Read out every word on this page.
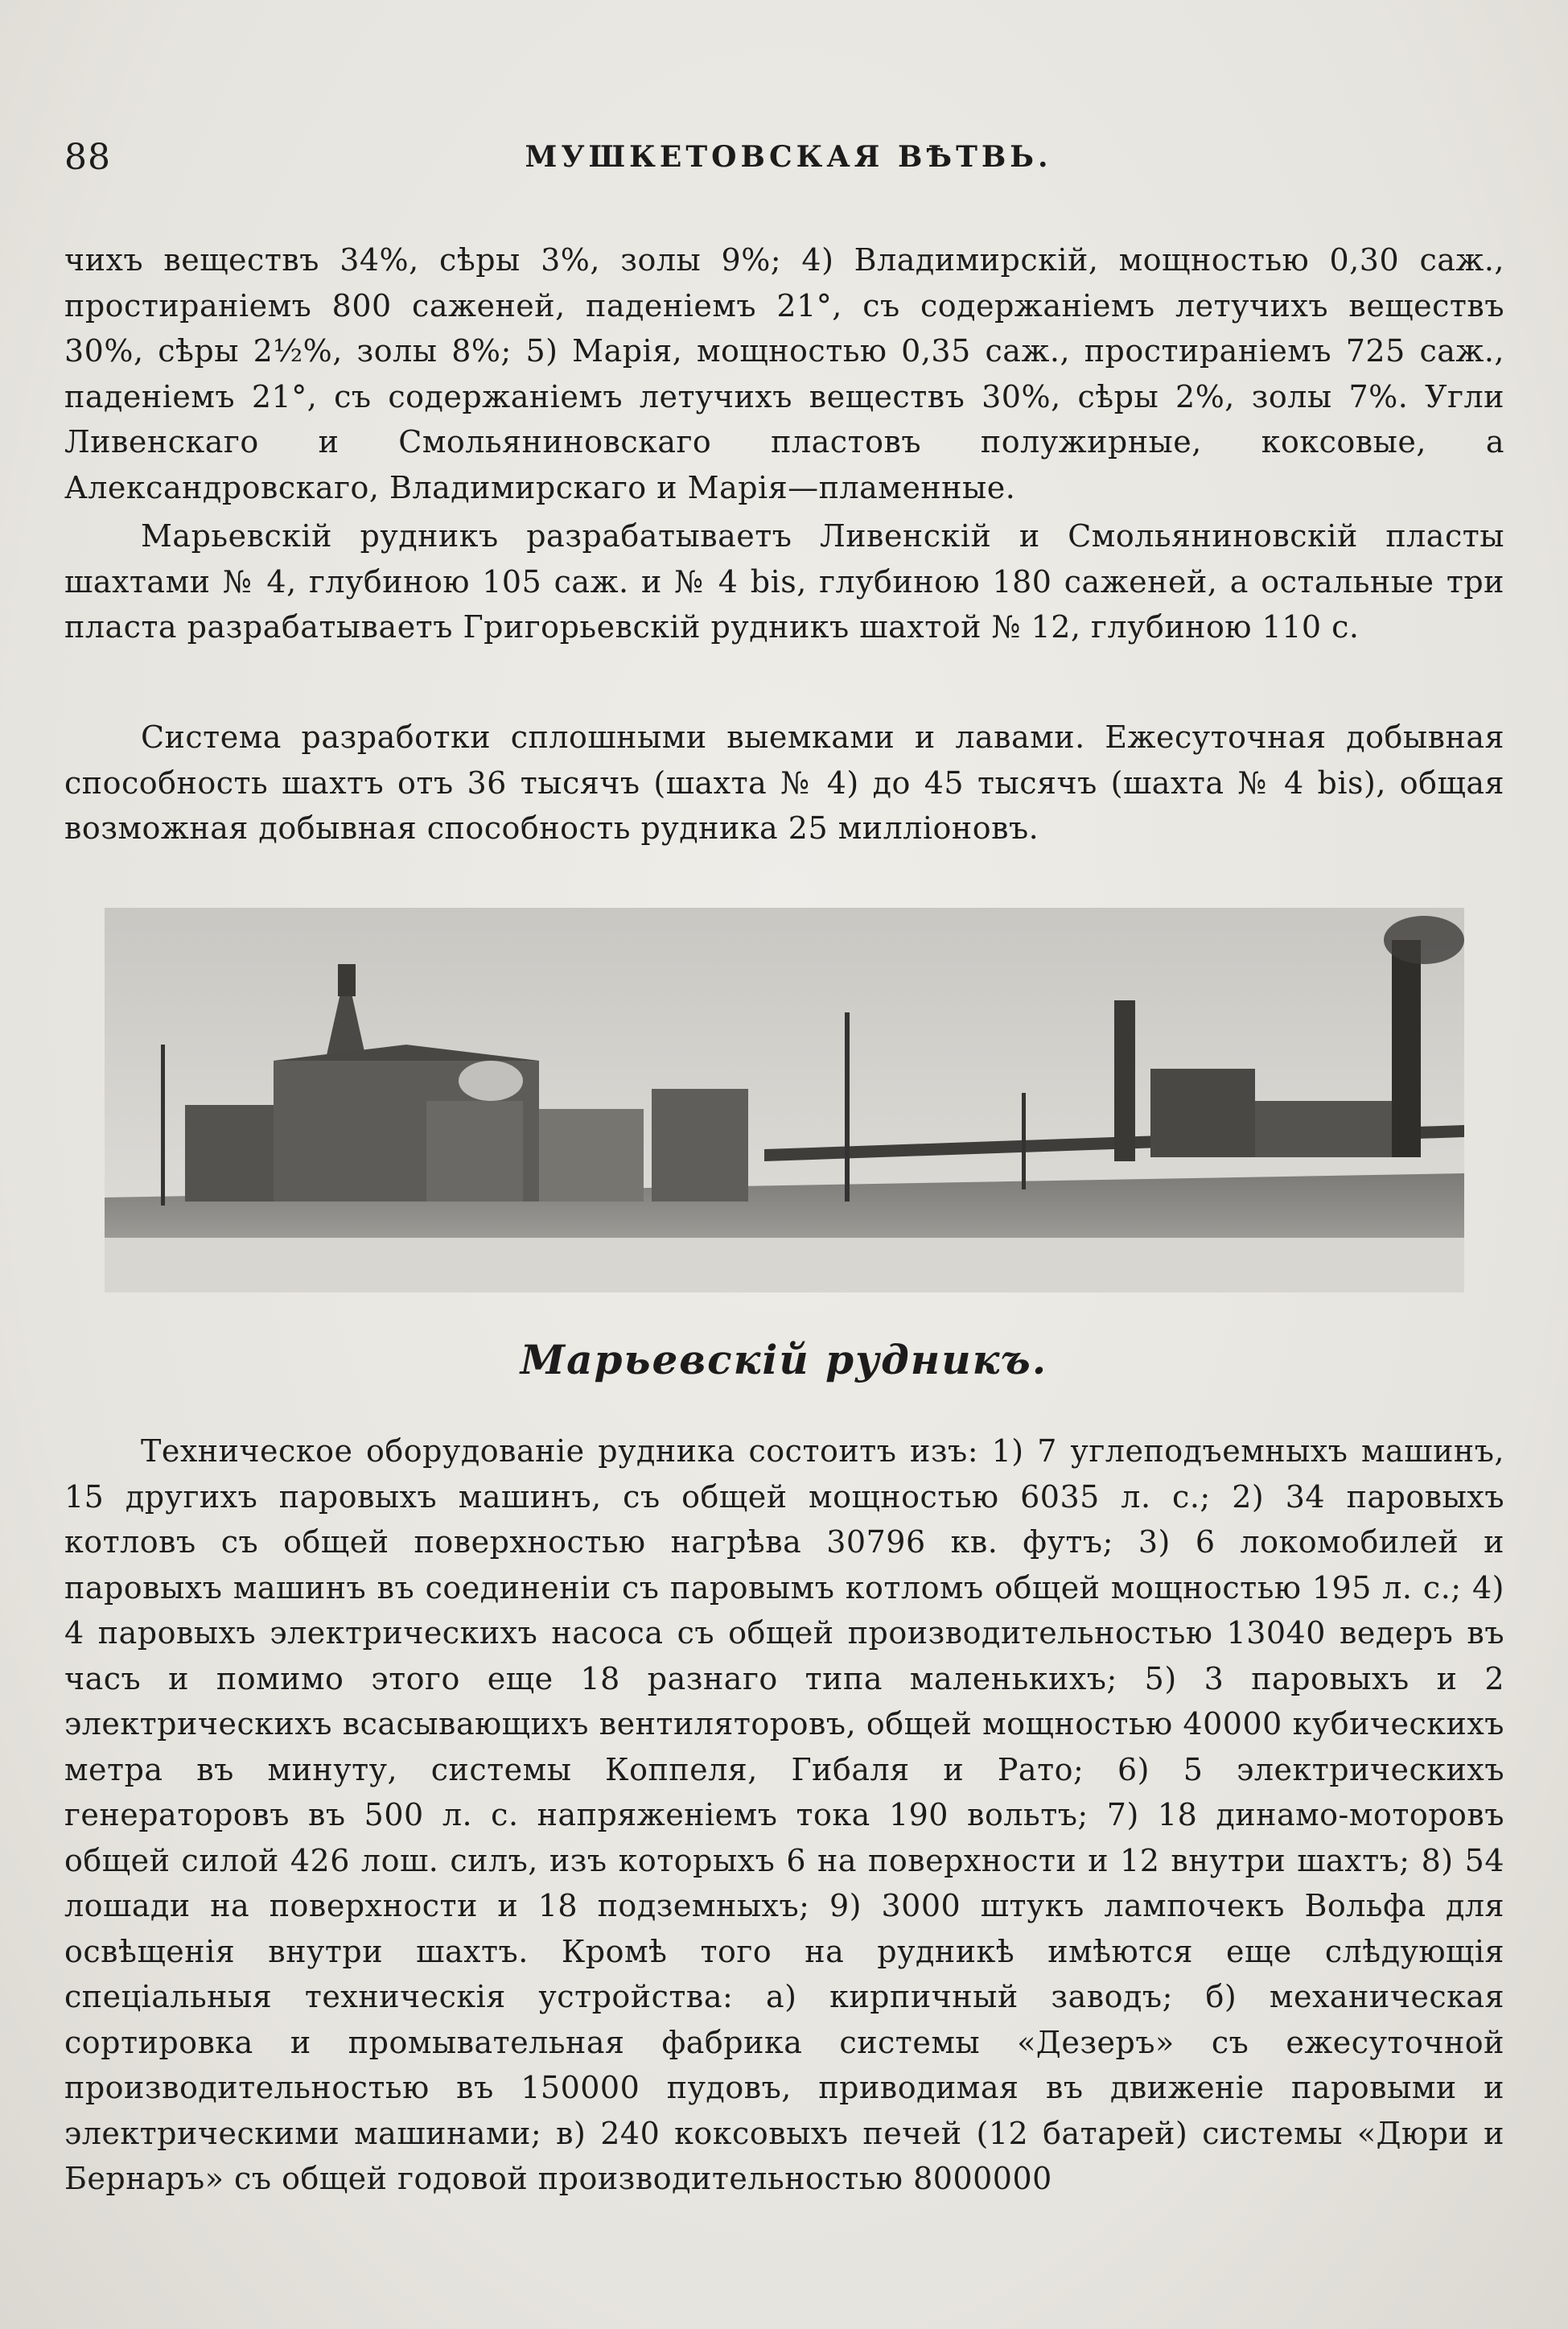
88	МУШКЕТОВСКАЯ ВѢТВЬ.

чихъ веществъ 34%, сѣры 3%, золы 9%; 4) Владимирскій, мощностью 0,30 саж., простираніемъ 800 саженей, паденіемъ 21°, съ содержаніемъ летучихъ веществъ 30%, сѣры 2½%, золы 8%; 5) Марія, мощностью 0,35 саж., простираніемъ 725 саж., паденіемъ 21°, съ содержаніемъ летучихъ веществъ 30%, сѣры 2%, золы 7%. Угли Ливенскаго и Смольяниновскаго пластовъ полужирные, коксовые, а Александровскаго, Владимирскаго и Марія—пламенные.

Марьевскій рудникъ разрабатываетъ Ливенскій и Смольяниновскій пласты шахтами № 4, глубиною 105 саж. и № 4 bis, глубиною 180 саженей, а остальные три пласта разрабатываетъ Григорьевскій рудникъ шахтой № 12, глубиною 110 с.

Система разработки сплошными выемками и лавами. Ежесуточная добывная способность шахтъ отъ 36 тысячъ (шахта № 4) до 45 тысячъ (шахта № 4 bis), общая возможная добывная способность рудника 25 милліоновъ.

Марьевскій рудникъ.

Техническое оборудованіе рудника состоитъ изъ: 1) 7 углеподъемныхъ машинъ, 15 другихъ паровыхъ машинъ, съ общей мощностью 6035 л. с.; 2) 34 паровыхъ котловъ съ общей поверхностью нагрѣва 30796 кв. футъ; 3) 6 локомобилей и паровыхъ машинъ въ соединеніи съ паровымъ котломъ общей мощностью 195 л. с.; 4) 4 паровыхъ электрическихъ насоса съ общей производительностью 13040 ведеръ въ часъ и помимо этого еще 18 разнаго типа маленькихъ; 5) 3 паровыхъ и 2 электрическихъ всасывающихъ вентиляторовъ, общей мощностью 40000 кубическихъ метра въ минуту, системы Коппеля, Гибаля и Рато; 6) 5 электрическихъ генераторовъ въ 500 л. с. напряженіемъ тока 190 вольтъ; 7) 18 динамо-моторовъ общей силой 426 лош. силъ, изъ которыхъ 6 на поверхности и 12 внутри шахтъ; 8) 54 лошади на поверхности и 18 подземныхъ; 9) 3000 штукъ лампочекъ Вольфа для освѣщенія внутри шахтъ. Кромѣ того на рудникѣ имѣются еще слѣдующія спеціальныя техническія устройства: а) кирпичный заводъ; б) механическая сортировка и промывательная фабрика системы «Дезеръ» съ ежесуточной производительностью въ 150000 пудовъ, приводимая въ движеніе паровыми и электрическими машинами; в) 240 коксовыхъ печей (12 батарей) системы «Дюри и Бернаръ» съ общей годовой производительностью 8000000
